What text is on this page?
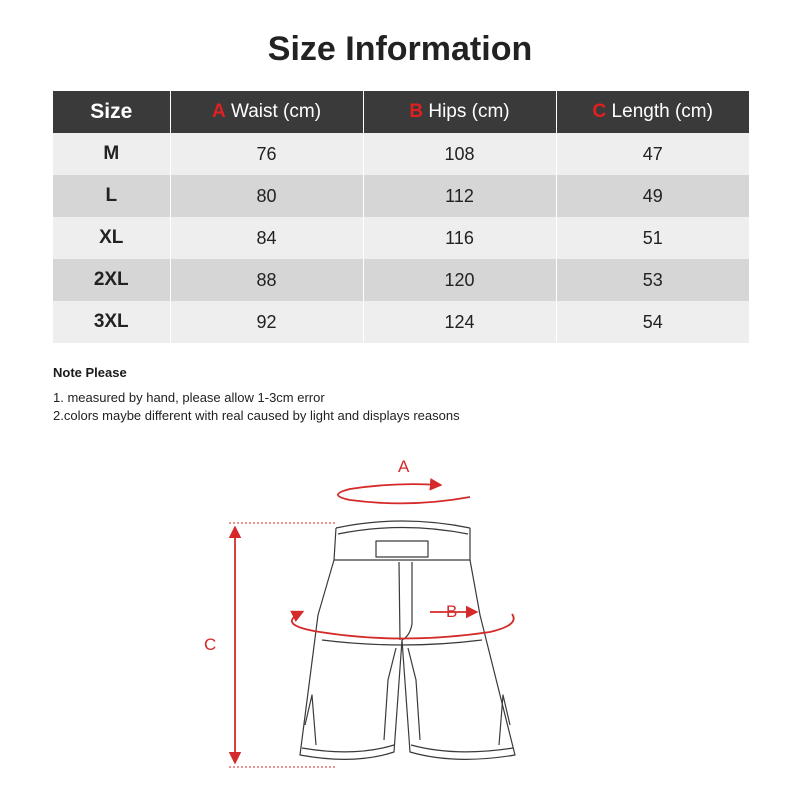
Size Information
Size	A Waist (cm)	B Hips (cm)	C Length (cm)
M	76	108	47
L	80	112	49
XL	84	116	51
2XL	88	120	53
3XL	92	124	54

Note Please

1. measured by hand, please allow 1-3cm error

2.colors maybe different with real caused by light and displays reasons

A
B
C
